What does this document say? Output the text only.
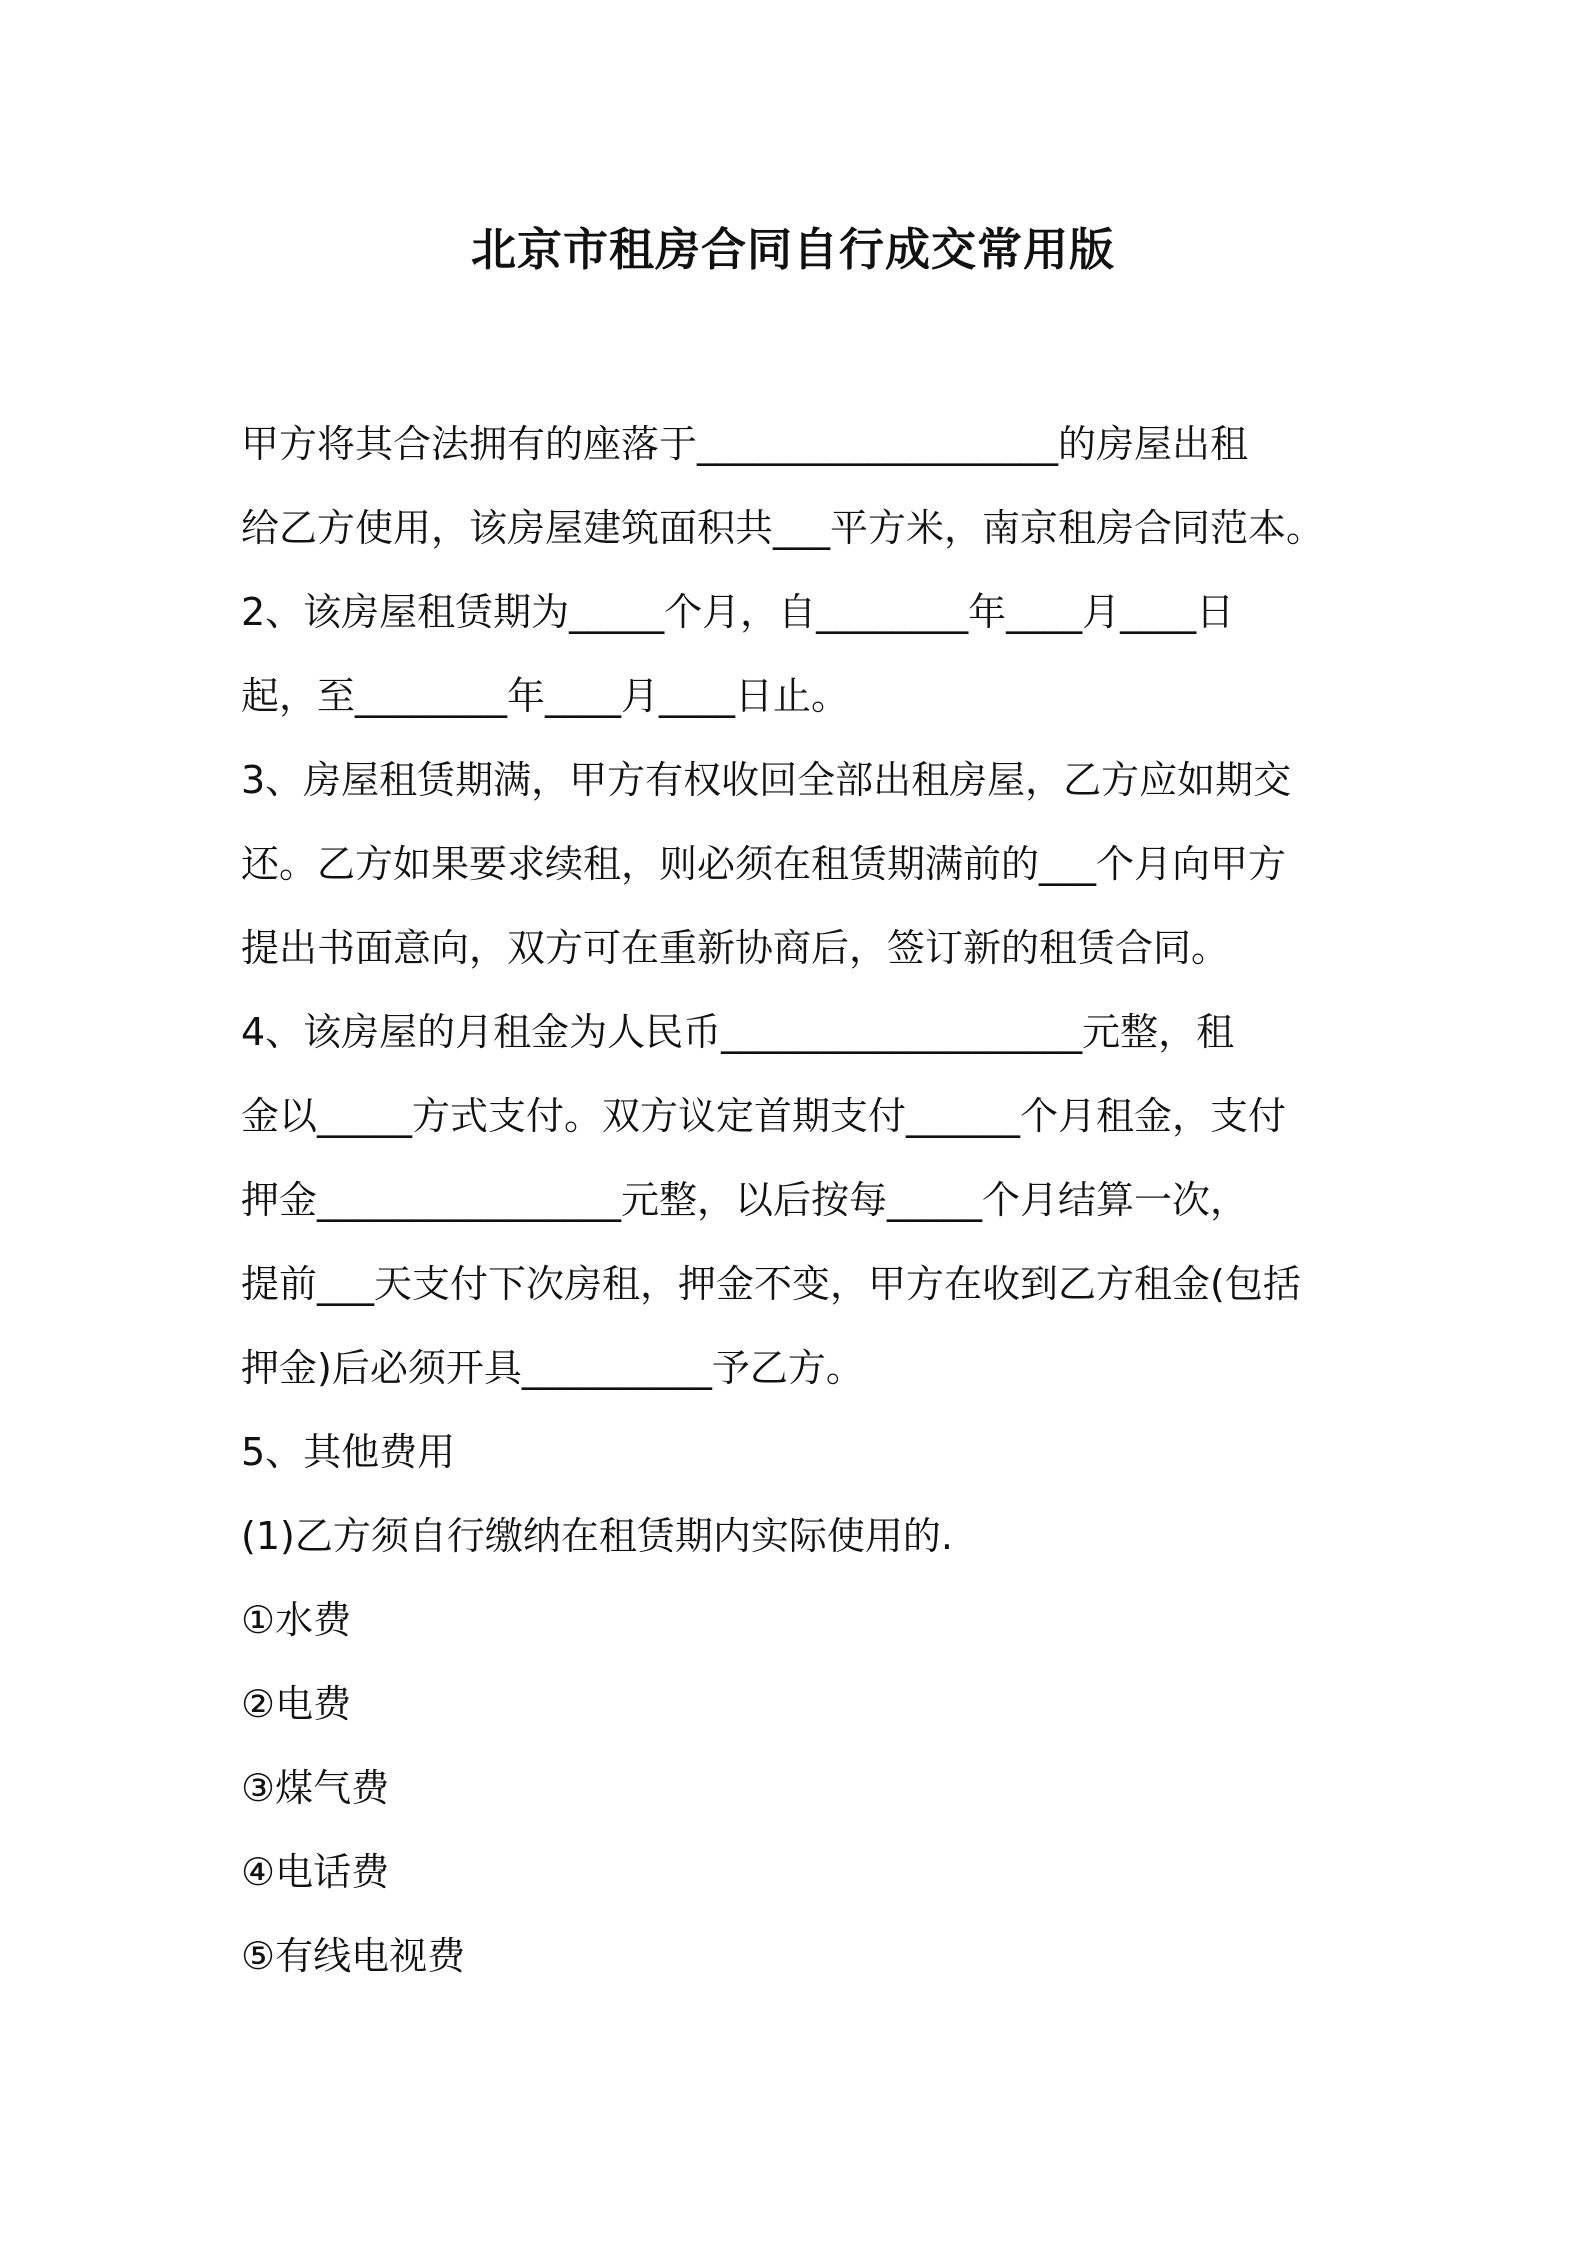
北京市租房合同自行成交常用版
甲方将其合法拥有的座落于___________________的房屋出租
给乙方使用，该房屋建筑面积共___平方米，南京租房合同范本。
2、该房屋租赁期为_____个月，自________年____月____日
起，至________年____月____日止。
3、房屋租赁期满，甲方有权收回全部出租房屋，乙方应如期交
还。乙方如果要求续租，则必须在租赁期满前的___个月向甲方
提出书面意向，双方可在重新协商后，签订新的租赁合同。
4、该房屋的月租金为人民币___________________元整，租
金以_____方式支付。双方议定首期支付______个月租金，支付
押金________________元整，以后按每_____个月结算一次，
提前___天支付下次房租，押金不变，甲方在收到乙方租金(包括
押金)后必须开具__________予乙方。
5、其他费用
(1)乙方须自行缴纳在租赁期内实际使用的.
①水费
②电费
③煤气费
④电话费
⑤有线电视费
